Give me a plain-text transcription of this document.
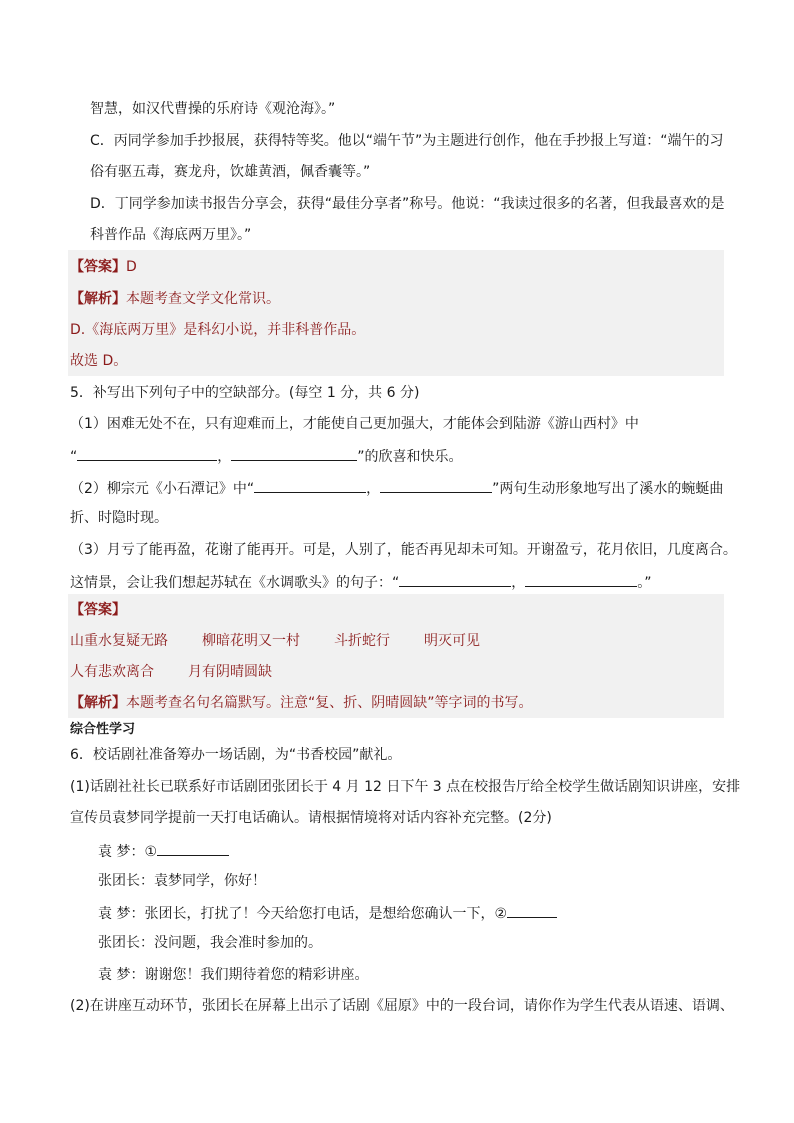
智慧，如汉代曹操的乐府诗《观沧海》。”
C．丙同学参加手抄报展，获得特等奖。他以“端午节”为主题进行创作，他在手抄报上写道：“端午的习
俗有驱五毒，赛龙舟，饮雄黄酒，佩香囊等。”
D．丁同学参加读书报告分享会，获得“最佳分享者”称号。他说：“我读过很多的名著，但我最喜欢的是
科普作品《海底两万里》。”
【答案】D
【解析】本题考查文学文化常识。
D.《海底两万里》是科幻小说，并非科普作品。
故选 D。
5．补写出下列句子中的空缺部分。(每空 1 分，共 6 分)
（1）困难无处不在，只有迎难而上，才能使自己更加强大，才能体会到陆游《游山西村》中
“	，	”的欣喜和快乐。
（2）柳宗元《小石潭记》中“	，	”两句生动形象地写出了溪水的蜿蜒曲
折、时隐时现。
（3）月亏了能再盈，花谢了能再开。可是，人别了，能否再见却未可知。开谢盈亏，花月依旧，几度离合。
这情景，会让我们想起苏轼在《水调歌头》的句子：“	，	。”
【答案】
山重水复疑无路 柳暗花明又一村 斗折蛇行 明灭可见
人有悲欢离合 月有阴晴圆缺
【解析】本题考查名句名篇默写。注意“复、折、阴晴圆缺”等字词的书写。
综合性学习
6．校话剧社准备筹办一场话剧，为“书香校园”献礼。
(1)话剧社社长已联系好市话剧团张团长于 4 月 12 日下午 3 点在校报告厅给全校学生做话剧知识讲座，安排
宣传员袁梦同学提前一天打电话确认。请根据情境将对话内容补充完整。(2分)
袁 梦：①
张团长：袁梦同学，你好！
袁 梦：张团长，打扰了！今天给您打电话，是想给您确认一下，②
张团长：没问题，我会准时参加的。
袁 梦：谢谢您！我们期待着您的精彩讲座。
(2)在讲座互动环节，张团长在屏幕上出示了话剧《屈原》中的一段台词，请你作为学生代表从语速、语调、
